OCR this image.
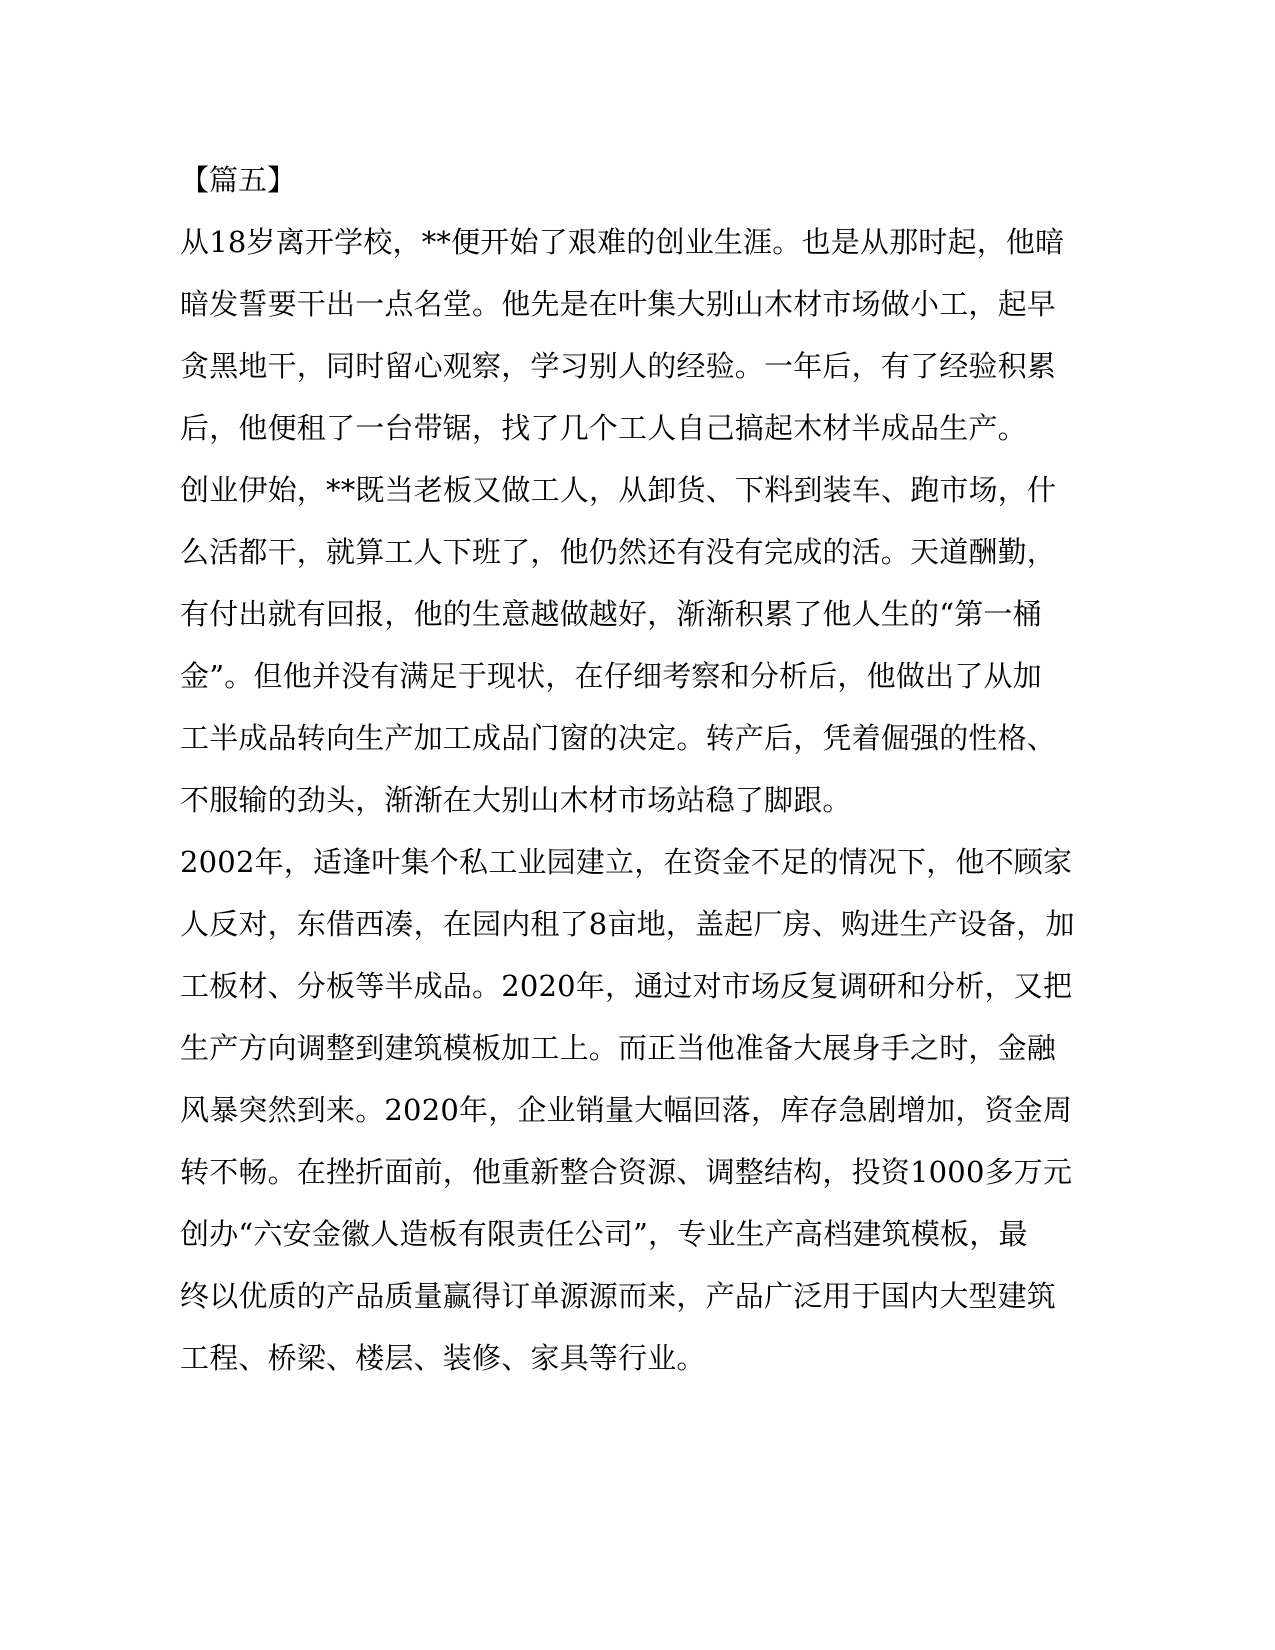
【篇五】
从18岁离开学校，**便开始了艰难的创业生涯。也是从那时起，他暗
暗发誓要干出一点名堂。他先是在叶集大别山木材市场做小工，起早
贪黑地干，同时留心观察，学习别人的经验。一年后，有了经验积累
后，他便租了一台带锯，找了几个工人自己搞起木材半成品生产。
创业伊始，**既当老板又做工人，从卸货、下料到装车、跑市场，什
么活都干，就算工人下班了，他仍然还有没有完成的活。天道酬勤，
有付出就有回报，他的生意越做越好，渐渐积累了他人生的“第一桶
金”。但他并没有满足于现状，在仔细考察和分析后，他做出了从加
工半成品转向生产加工成品门窗的决定。转产后，凭着倔强的性格、
不服输的劲头，渐渐在大别山木材市场站稳了脚跟。
2002年，适逢叶集个私工业园建立，在资金不足的情况下，他不顾家
人反对，东借西凑，在园内租了8亩地，盖起厂房、购进生产设备，加
工板材、分板等半成品。2020年，通过对市场反复调研和分析，又把
生产方向调整到建筑模板加工上。而正当他准备大展身手之时，金融
风暴突然到来。2020年，企业销量大幅回落，库存急剧增加，资金周
转不畅。在挫折面前，他重新整合资源、调整结构，投资1000多万元
创办“六安金徽人造板有限责任公司”，专业生产高档建筑模板，最
终以优质的产品质量赢得订单源源而来，产品广泛用于国内大型建筑
工程、桥梁、楼层、装修、家具等行业。
